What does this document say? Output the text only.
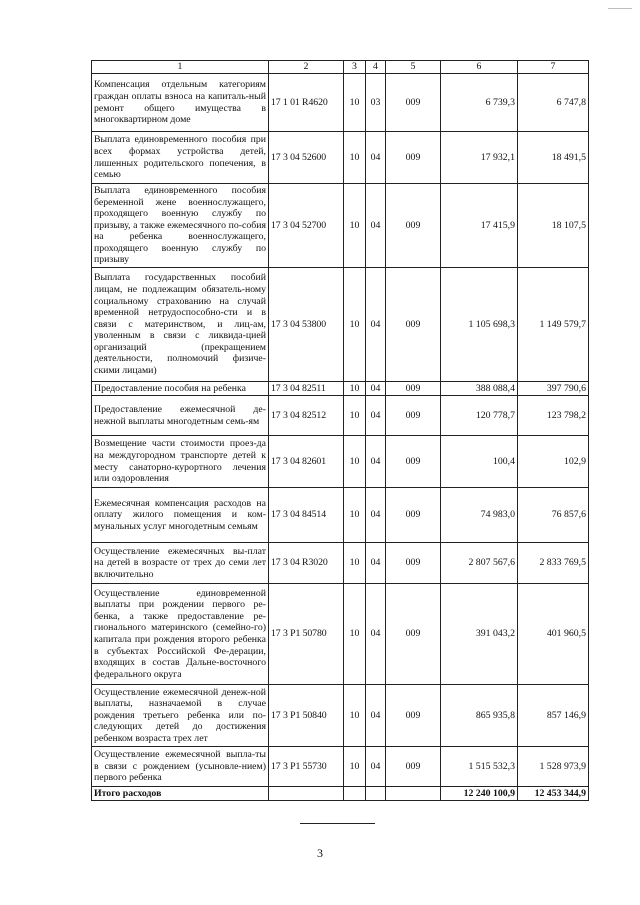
1	2	3	4	5	6	7
Компенсация отдельным категориям граждан оплаты взноса на капиталь-ный ремонт общего имущества в многоквартирном доме	17 1 01 R4620	10	03	009	6 739,3	6 747,8
Выплата единовременного пособия при всех формах устройства детей, лишенных родительского попечения, в семью	17 3 04 52600	10	04	009	17 932,1	18 491,5
Выплата единовременного пособия беременной жене военнослужащего, проходящего военную службу по призыву, а также ежемесячного по-собия на ребенка военнослужащего, проходящего военную службу по призыву	17 3 04 52700	10	04	009	17 415,9	18 107,5
Выплата государственных пособий лицам, не подлежащим обязатель-ному социальному страхованию на случай временной нетрудоспособно-сти и в связи с материнством, и лиц-ам, уволенным в связи с ликвида-цией организаций (прекращением деятельности, полномочий физиче-скими лицами)	17 3 04 53800	10	04	009	1 105 698,3	1 149 579,7
Предоставление пособия на ребенка	17 3 04 82511	10	04	009	388 088,4	397 790,6
Предоставление ежемесячной де-нежной выплаты многодетным семь-ям	17 3 04 82512	10	04	009	120 778,7	123 798,2
Возмещение части стоимости проез-да на междугородном транспорте детей к месту санаторно-курортного лечения или оздоровления	17 3 04 82601	10	04	009	100,4	102,9
Ежемесячная компенсация расходов на оплату жилого помещения и ком-мунальных услуг многодетным семьям	17 3 04 84514	10	04	009	74 983,0	76 857,6
Осуществление ежемесячных вы-плат на детей в возрасте от трех до семи лет включительно	17 3 04 R3020	10	04	009	2 807 567,6	2 833 769,5
Осуществление единовременной выплаты при рождении первого ре-бенка, а также предоставление ре-гионального материнского (семейно-го) капитала при рождения второго ребенка в субъектах Российской Фе-дерации, входящих в состав Дальне-восточного федерального округа	17 3 P1 50780	10	04	009	391 043,2	401 960,5
Осуществление ежемесячной денеж-ной выплаты, назначаемой в случае рождения третьего ребенка или по-следующих детей до достижения ребенком возраста трех лет	17 3 P1 50840	10	04	009	865 935,8	857 146,9
Осуществление ежемесячной выпла-ты в связи с рождением (усыновле-нием) первого ребенка	17 3 P1 55730	10	04	009	1 515 532,3	1 528 973,9
Итого расходов					12 240 100,9	12 453 344,9
3
